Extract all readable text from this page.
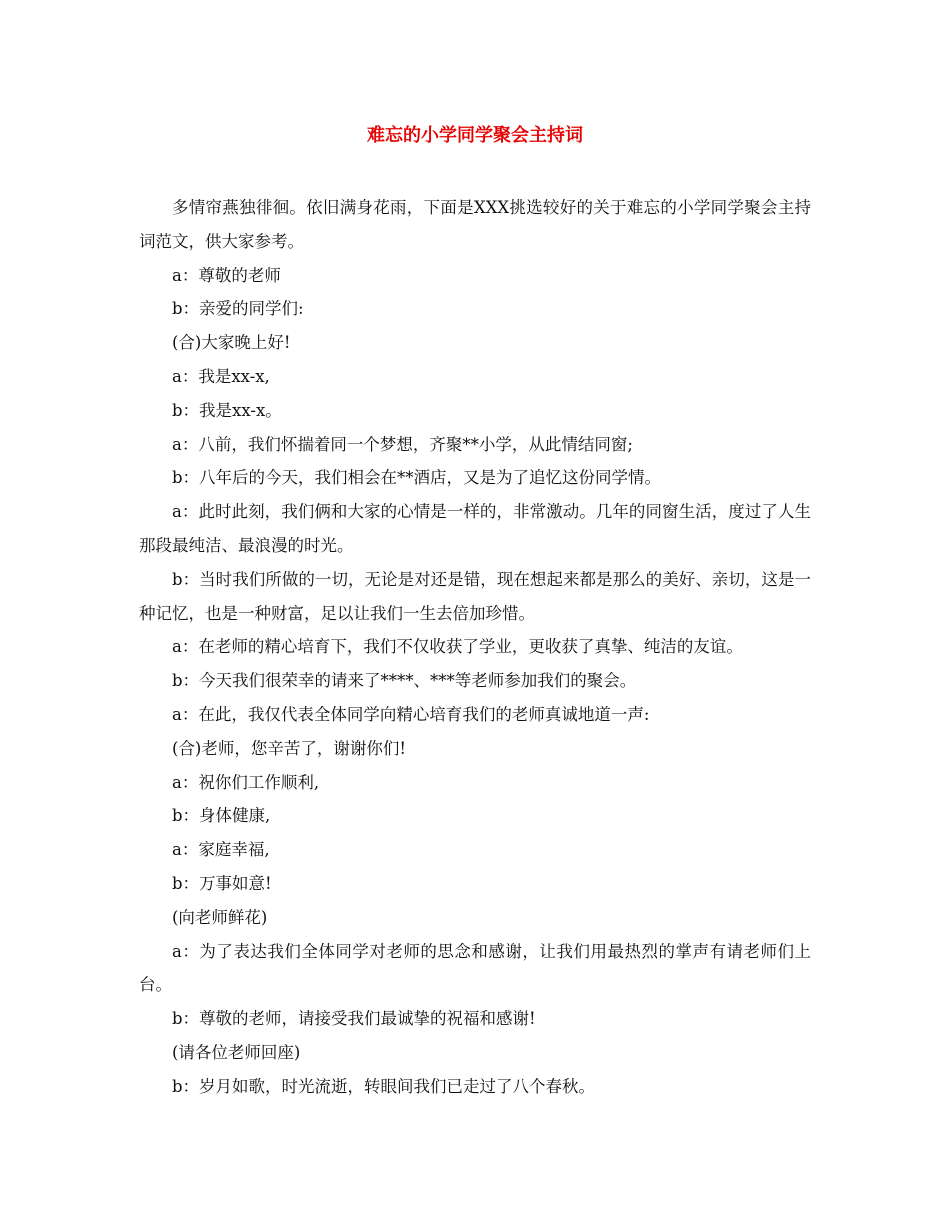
难忘的小学同学聚会主持词

多情帘燕独徘徊。依旧满身花雨，下面是XXX挑选较好的关于难忘的小学同学聚会主持词范文，供大家参考。

a：尊敬的老师

b：亲爱的同学们:

(合)大家晚上好!

a：我是xx-x,

b：我是xx-x。

a：八前，我们怀揣着同一个梦想，齐聚**小学，从此情结同窗;

b：八年后的今天，我们相会在**酒店，又是为了追忆这份同学情。

a：此时此刻，我们俩和大家的心情是一样的，非常激动。几年的同窗生活，度过了人生那段最纯洁、最浪漫的时光。

b：当时我们所做的一切，无论是对还是错，现在想起来都是那么的美好、亲切，这是一种记忆，也是一种财富，足以让我们一生去倍加珍惜。

a：在老师的精心培育下，我们不仅收获了学业，更收获了真挚、纯洁的友谊。

b：今天我们很荣幸的请来了****、***等老师参加我们的聚会。

a：在此，我仅代表全体同学向精心培育我们的老师真诚地道一声:

(合)老师，您辛苦了，谢谢你们!

a：祝你们工作顺利,

b：身体健康,

a：家庭幸福,

b：万事如意!

(向老师鲜花)

a：为了表达我们全体同学对老师的思念和感谢，让我们用最热烈的掌声有请老师们上台。

b：尊敬的老师，请接受我们最诚挚的祝福和感谢!

(请各位老师回座)

b：岁月如歌，时光流逝，转眼间我们已走过了八个春秋。
